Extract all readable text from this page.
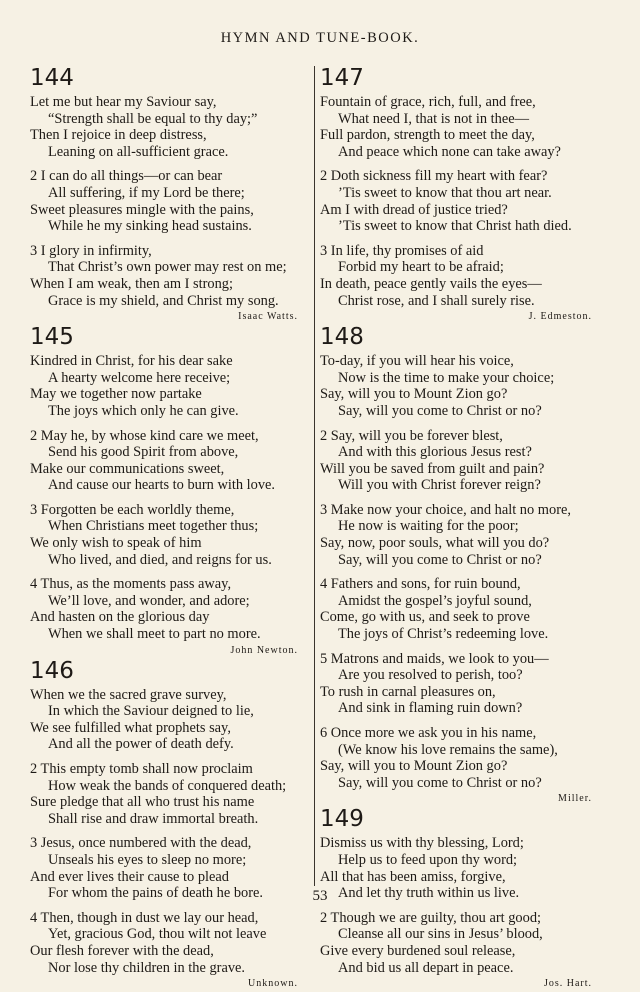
HYMN AND TUNE-BOOK.
144
Let me but hear my Saviour say,
“Strength shall be equal to thy day;”
Then I rejoice in deep distress,
Leaning on all-sufficient grace.
2 I can do all things—or can bear
All suffering, if my Lord be there;
Sweet pleasures mingle with the pains,
While he my sinking head sustains.
3 I glory in infirmity,
That Christ’s own power may rest on me;
When I am weak, then am I strong;
Grace is my shield, and Christ my song.
Isaac Watts.
145
Kindred in Christ, for his dear sake
A hearty welcome here receive;
May we together now partake
The joys which only he can give.
2 May he, by whose kind care we meet,
Send his good Spirit from above,
Make our communications sweet,
And cause our hearts to burn with love.
3 Forgotten be each worldly theme,
When Christians meet together thus;
We only wish to speak of him
Who lived, and died, and reigns for us.
4 Thus, as the moments pass away,
We’ll love, and wonder, and adore;
And hasten on the glorious day
When we shall meet to part no more.
John Newton.
146
When we the sacred grave survey,
In which the Saviour deigned to lie,
We see fulfilled what prophets say,
And all the power of death defy.
2 This empty tomb shall now proclaim
How weak the bands of conquered death;
Sure pledge that all who trust his name
Shall rise and draw immortal breath.
3 Jesus, once numbered with the dead,
Unseals his eyes to sleep no more;
And ever lives their cause to plead
For whom the pains of death he bore.
4 Then, though in dust we lay our head,
Yet, gracious God, thou wilt not leave
Our flesh forever with the dead,
Nor lose thy children in the grave.
Unknown.
147
Fountain of grace, rich, full, and free,
What need I, that is not in thee—
Full pardon, strength to meet the day,
And peace which none can take away?
2 Doth sickness fill my heart with fear?
’Tis sweet to know that thou art near.
Am I with dread of justice tried?
’Tis sweet to know that Christ hath died.
3 In life, thy promises of aid
Forbid my heart to be afraid;
In death, peace gently vails the eyes—
Christ rose, and I shall surely rise.
J. Edmeston.
148
To-day, if you will hear his voice,
Now is the time to make your choice;
Say, will you to Mount Zion go?
Say, will you come to Christ or no?
2 Say, will you be forever blest,
And with this glorious Jesus rest?
Will you be saved from guilt and pain?
Will you with Christ forever reign?
3 Make now your choice, and halt no more,
He now is waiting for the poor;
Say, now, poor souls, what will you do?
Say, will you come to Christ or no?
4 Fathers and sons, for ruin bound,
Amidst the gospel’s joyful sound,
Come, go with us, and seek to prove
The joys of Christ’s redeeming love.
5 Matrons and maids, we look to you—
Are you resolved to perish, too?
To rush in carnal pleasures on,
And sink in flaming ruin down?
6 Once more we ask you in his name,
(We know his love remains the same),
Say, will you to Mount Zion go?
Say, will you come to Christ or no?
Miller.
149
Dismiss us with thy blessing, Lord;
Help us to feed upon thy word;
All that has been amiss, forgive,
And let thy truth within us live.
2 Though we are guilty, thou art good;
Cleanse all our sins in Jesus’ blood,
Give every burdened soul release,
And bid us all depart in peace.
Jos. Hart.
53
